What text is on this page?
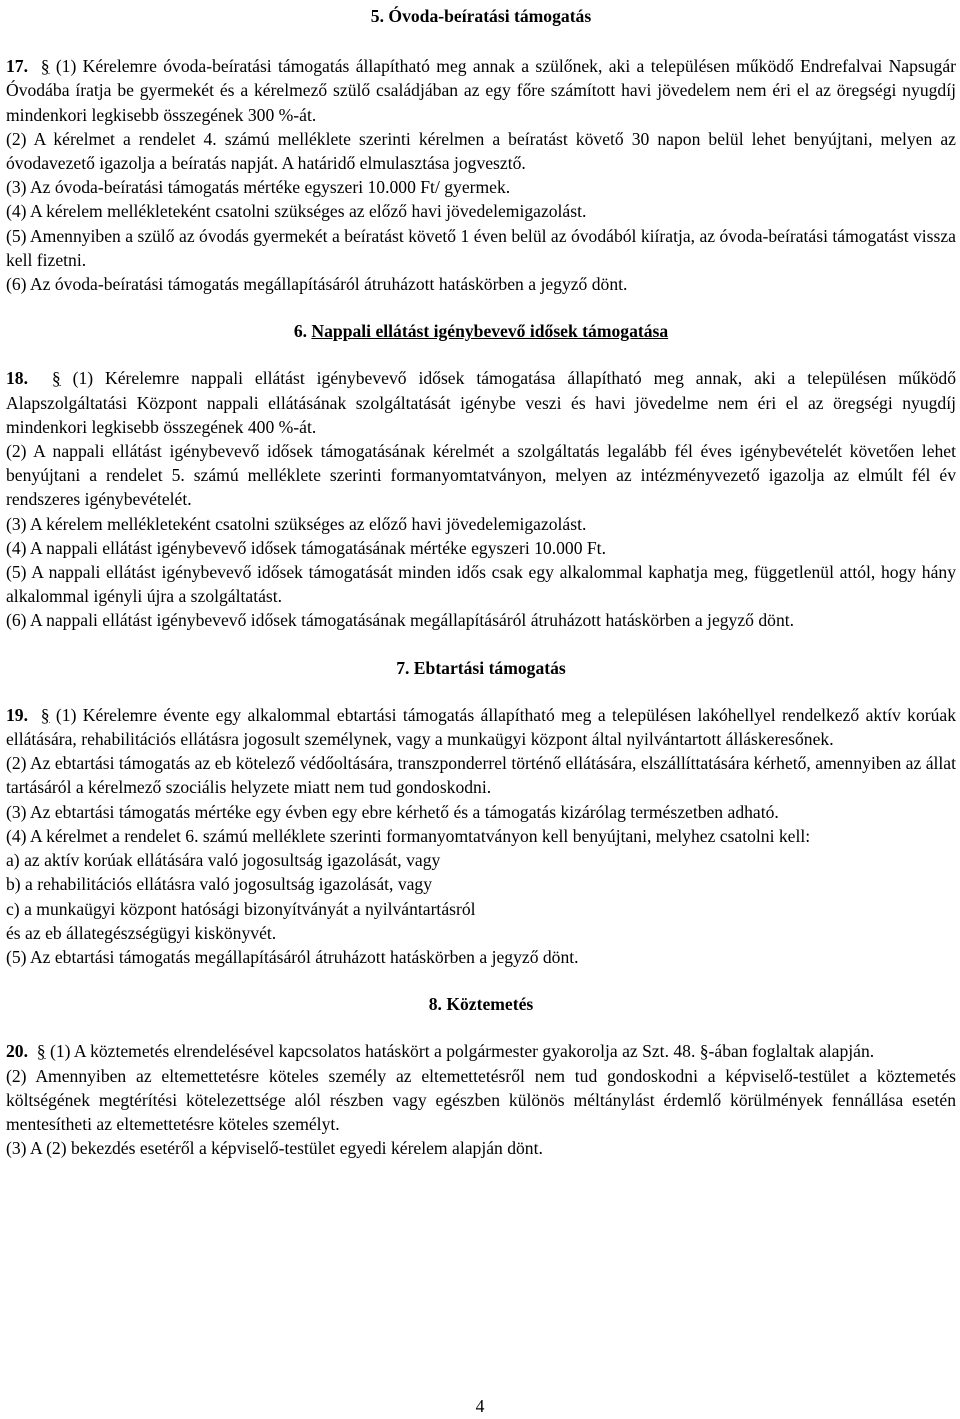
5. Óvoda-beíratási támogatás

17. § (1) Kérelemre óvoda-beíratási támogatás állapítható meg annak a szülőnek, aki a településen működő Endrefalvai Napsugár Óvodába íratja be gyermekét és a kérelmező szülő családjában az egy főre számított havi jövedelem nem éri el az öregségi nyugdíj mindenkori legkisebb összegének 300 %-át.

(2) A kérelmet a rendelet 4. számú melléklete szerinti kérelmen a beíratást követő 30 napon belül lehet benyújtani, melyen az óvodavezető igazolja a beíratás napját. A határidő elmulasztása jogvesztő.

(3) Az óvoda-beíratási támogatás mértéke egyszeri 10.000 Ft/ gyermek.

(4) A kérelem mellékleteként csatolni szükséges az előző havi jövedelemigazolást.

(5) Amennyiben a szülő az óvodás gyermekét a beíratást követő 1 éven belül az óvodából kiíratja, az óvoda-beíratási támogatást vissza kell fizetni.

(6) Az óvoda-beíratási támogatás megállapításáról átruházott hatáskörben a jegyző dönt.

6. Nappali ellátást igénybevevő idősek támogatása

18. § (1) Kérelemre nappali ellátást igénybevevő idősek támogatása állapítható meg annak, aki a településen működő Alapszolgáltatási Központ nappali ellátásának szolgáltatását igénybe veszi és havi jövedelme nem éri el az öregségi nyugdíj mindenkori legkisebb összegének 400 %-át.

(2) A nappali ellátást igénybevevő idősek támogatásának kérelmét a szolgáltatás legalább fél éves igénybevételét követően lehet benyújtani a rendelet 5. számú melléklete szerinti formanyomtatványon, melyen az intézményvezető igazolja az elmúlt fél év rendszeres igénybevételét.

(3) A kérelem mellékleteként csatolni szükséges az előző havi jövedelemigazolást.

(4) A nappali ellátást igénybevevő idősek támogatásának mértéke egyszeri 10.000 Ft.

(5) A nappali ellátást igénybevevő idősek támogatását minden idős csak egy alkalommal kaphatja meg, függetlenül attól, hogy hány alkalommal igényli újra a szolgáltatást.

(6) A nappali ellátást igénybevevő idősek támogatásának megállapításáról átruházott hatáskörben a jegyző dönt.

7. Ebtartási támogatás

19. § (1) Kérelemre évente egy alkalommal ebtartási támogatás állapítható meg a településen lakóhellyel rendelkező aktív korúak ellátására, rehabilitációs ellátásra jogosult személynek, vagy a munkaügyi központ által nyilvántartott álláskeresőnek.

(2) Az ebtartási támogatás az eb kötelező védőoltására, transzponderrel történő ellátására, elszállíttatására kérhető, amennyiben az állat tartásáról a kérelmező szociális helyzete miatt nem tud gondoskodni.

(3) Az ebtartási támogatás mértéke egy évben egy ebre kérhető és a támogatás kizárólag természetben adható.

(4) A kérelmet a rendelet 6. számú melléklete szerinti formanyomtatványon kell benyújtani, melyhez csatolni kell:

a) az aktív korúak ellátására való jogosultság igazolását, vagy

b) a rehabilitációs ellátásra való jogosultság igazolását, vagy

c) a munkaügyi központ hatósági bizonyítványát a nyilvántartásról

és az eb állategészségügyi kiskönyvét.

(5) Az ebtartási támogatás megállapításáról átruházott hatáskörben a jegyző dönt.

8. Köztemetés

20. § (1) A köztemetés elrendelésével kapcsolatos hatáskört a polgármester gyakorolja az Szt. 48. §-ában foglaltak alapján.

(2) Amennyiben az eltemettetésre köteles személy az eltemettetésről nem tud gondoskodni a képviselő-testület a köztemetés költségének megtérítési kötelezettsége alól részben vagy egészben különös méltánylást érdemlő körülmények fennállása esetén mentesítheti az eltemettetésre köteles személyt.

(3) A (2) bekezdés esetéről a képviselő-testület egyedi kérelem alapján dönt.

4
